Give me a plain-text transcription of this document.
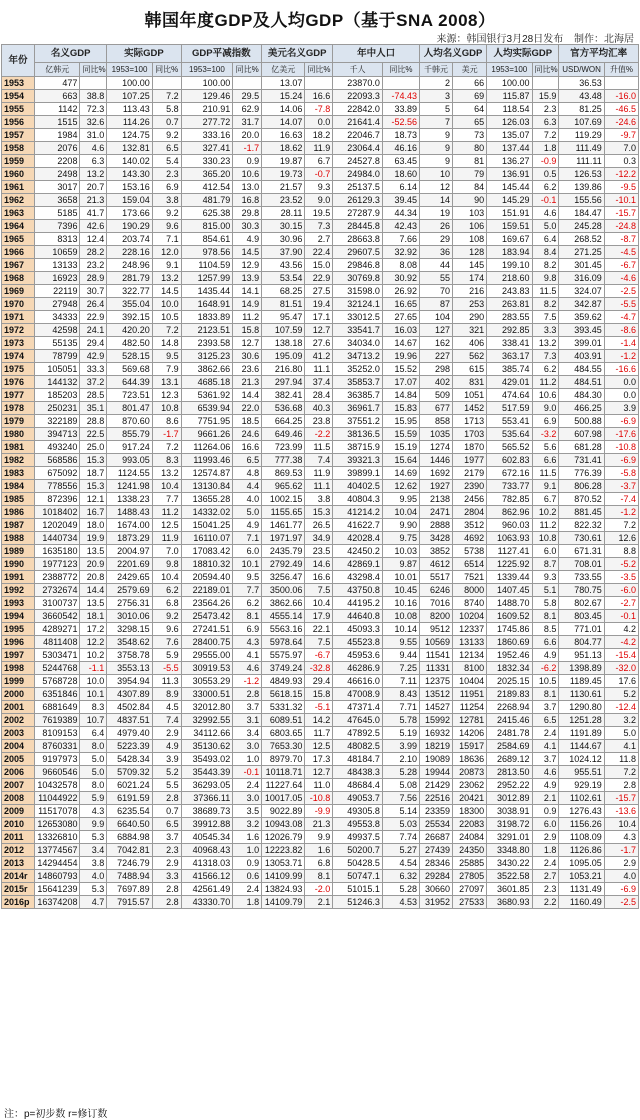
韩国年度GDP及人均GDP（基于SNA 2008）
来源：韩国银行3月28日发布 制作：北海居
年份	名义GDP		实际GDP		GDP平减指数		美元名义GDP		年中人口		人均名义GDP		人均实际GDP		官方平均汇率	
	亿韩元	同比%	1953=100	同比%	1953=100	同比%	亿美元	同比%	千人	同比%	千韩元	美元	1953=100	同比%	USD/WON	升值%
1953	477		100.00		100.00		13.07		23870.0		2	66	100.00		36.53	
1954	663	38.8	107.25	7.2	129.46	29.5	15.24	16.6	22093.3	-74.43	3	69	115.87	15.9	43.48	-16.0
1955	1142	72.3	113.43	5.8	210.91	62.9	14.06	-7.8	22842.0	33.89	5	64	118.54	2.3	81.25	-46.5
1956	1515	32.6	114.26	0.7	277.72	31.7	14.07	0.0	21641.4	-52.56	7	65	126.03	6.3	107.69	-24.6
1957	1984	31.0	124.75	9.2	333.16	20.0	16.63	18.2	22046.7	18.73	9	73	135.07	7.2	119.29	-9.7
1958	2076	4.6	132.81	6.5	327.41	-1.7	18.62	11.9	23064.4	46.16	9	80	137.44	1.8	111.49	7.0
1959	2208	6.3	140.02	5.4	330.23	0.9	19.87	6.7	24527.8	63.45	9	81	136.27	-0.9	111.11	0.3
1960	2498	13.2	143.30	2.3	365.20	10.6	19.73	-0.7	24984.0	18.60	10	79	136.91	0.5	126.53	-12.2
1961	3017	20.7	153.16	6.9	412.54	13.0	21.57	9.3	25137.5	6.14	12	84	145.44	6.2	139.86	-9.5
1962	3658	21.3	159.04	3.8	481.79	16.8	23.52	9.0	26129.3	39.45	14	90	145.29	-0.1	155.56	-10.1
1963	5185	41.7	173.66	9.2	625.38	29.8	28.11	19.5	27287.9	44.34	19	103	151.91	4.6	184.47	-15.7
1964	7396	42.6	190.29	9.6	815.00	30.3	30.15	7.3	28445.8	42.43	26	106	159.51	5.0	245.28	-24.8
1965	8313	12.4	203.74	7.1	854.61	4.9	30.96	2.7	28663.8	7.66	29	108	169.67	6.4	268.52	-8.7
1966	10659	28.2	228.16	12.0	978.56	14.5	37.90	22.4	29607.5	32.92	36	128	183.94	8.4	271.25	-4.5
1967	13133	23.2	248.96	9.1	1104.59	12.9	43.56	15.0	29846.8	8.08	44	145	199.10	8.2	301.45	-6.7
1968	16923	28.9	281.79	13.2	1257.99	13.9	53.54	22.9	30769.8	30.92	55	174	218.60	9.8	316.09	-4.6
1969	22119	30.7	322.77	14.5	1435.44	14.1	68.25	27.5	31598.0	26.92	70	216	243.83	11.5	324.07	-2.5
1970	27948	26.4	355.04	10.0	1648.91	14.9	81.51	19.4	32124.1	16.65	87	253	263.81	8.2	342.87	-5.5
1971	34333	22.9	392.15	10.5	1833.89	11.2	95.47	17.1	33012.5	27.65	104	290	283.55	7.5	359.62	-4.7
1972	42598	24.1	420.20	7.2	2123.51	15.8	107.59	12.7	33541.7	16.03	127	321	292.85	3.3	393.45	-8.6
1973	55135	29.4	482.50	14.8	2393.58	12.7	138.18	27.6	34034.0	14.67	162	406	338.41	13.2	399.01	-1.4
1974	78799	42.9	528.15	9.5	3125.23	30.6	195.09	41.2	34713.2	19.96	227	562	363.17	7.3	403.91	-1.2
1975	105051	33.3	569.68	7.9	3862.66	23.6	216.80	11.1	35252.0	15.52	298	615	385.74	6.2	484.55	-16.6
1976	144132	37.2	644.39	13.1	4685.18	21.3	297.94	37.4	35853.7	17.07	402	831	429.01	11.2	484.51	0.0
1977	185203	28.5	723.51	12.3	5361.92	14.4	382.41	28.4	36385.7	14.84	509	1051	474.64	10.6	484.30	0.0
1978	250231	35.1	801.47	10.8	6539.94	22.0	536.68	40.3	36961.7	15.83	677	1452	517.59	9.0	466.25	3.9
1979	322189	28.8	870.60	8.6	7751.95	18.5	664.25	23.8	37551.2	15.95	858	1713	553.41	6.9	500.88	-6.9
1980	394713	22.5	855.79	-1.7	9661.26	24.6	649.46	-2.2	38136.5	15.59	1035	1703	535.64	-3.2	607.98	-17.6
1981	493240	25.0	917.24	7.2	11264.06	16.6	723.99	11.5	38715.9	15.19	1274	1870	565.52	5.6	681.28	-10.8
1982	568586	15.3	993.05	8.3	11993.46	6.5	777.38	7.4	39321.3	15.64	1446	1977	602.83	6.6	731.41	-6.9
1983	675092	18.7	1124.55	13.2	12574.87	4.8	869.53	11.9	39899.1	14.69	1692	2179	672.16	11.5	776.39	-5.8
1984	778556	15.3	1241.98	10.4	13130.84	4.4	965.62	11.1	40402.5	12.62	1927	2390	733.77	9.1	806.28	-3.7
1985	872396	12.1	1338.23	7.7	13655.28	4.0	1002.15	3.8	40804.3	9.95	2138	2456	782.85	6.7	870.52	-7.4
1986	1018402	16.7	1488.43	11.2	14332.02	5.0	1155.65	15.3	41214.2	10.04	2471	2804	862.96	10.2	881.45	-1.2
1987	1202049	18.0	1674.00	12.5	15041.25	4.9	1461.77	26.5	41622.7	9.90	2888	3512	960.03	11.2	822.32	7.2
1988	1440734	19.9	1873.29	11.9	16110.07	7.1	1971.97	34.9	42028.4	9.75	3428	4692	1063.93	10.8	730.61	12.6
1989	1635180	13.5	2004.97	7.0	17083.42	6.0	2435.79	23.5	42450.2	10.03	3852	5738	1127.41	6.0	671.31	8.8
1990	1977123	20.9	2201.69	9.8	18810.32	10.1	2792.49	14.6	42869.1	9.87	4612	6514	1225.92	8.7	708.01	-5.2
1991	2388772	20.8	2429.65	10.4	20594.40	9.5	3256.47	16.6	43298.4	10.01	5517	7521	1339.44	9.3	733.55	-3.5
1992	2732674	14.4	2579.69	6.2	22189.01	7.7	3500.06	7.5	43750.8	10.45	6246	8000	1407.45	5.1	780.75	-6.0
1993	3100737	13.5	2756.31	6.8	23564.26	6.2	3862.66	10.4	44195.2	10.16	7016	8740	1488.70	5.8	802.67	-2.7
1994	3660542	18.1	3010.06	9.2	25473.42	8.1	4555.14	17.9	44640.8	10.08	8200	10204	1609.52	8.1	803.45	-0.1
1995	4289271	17.2	3298.15	9.6	27241.51	6.9	5563.16	22.1	45093.3	10.14	9512	12337	1745.86	8.5	771.01	4.2
1996	4811408	12.2	3548.62	7.6	28400.75	4.3	5978.64	7.5	45523.8	9.55	10569	13133	1860.69	6.6	804.77	-4.2
1997	5303471	10.2	3758.78	5.9	29555.00	4.1	5575.97	-6.7	45953.6	9.44	11541	12134	1952.46	4.9	951.13	-15.4
1998	5244768	-1.1	3553.13	-5.5	30919.53	4.6	3749.24	-32.8	46286.9	7.25	11331	8100	1832.34	-6.2	1398.89	-32.0
1999	5768728	10.0	3954.94	11.3	30553.29	-1.2	4849.93	29.4	46616.0	7.11	12375	10404	2025.15	10.5	1189.45	17.6
2000	6351846	10.1	4307.89	8.9	33000.51	2.8	5618.15	15.8	47008.9	8.43	13512	11951	2189.83	8.1	1130.61	5.2
2001	6881649	8.3	4502.84	4.5	32012.80	3.7	5331.32	-5.1	47371.4	7.71	14527	11254	2268.94	3.7	1290.80	-12.4
2002	7619389	10.7	4837.51	7.4	32992.55	3.1	6089.51	14.2	47645.0	5.78	15992	12781	2415.46	6.5	1251.28	3.2
2003	8109153	6.4	4979.40	2.9	34112.66	3.4	6803.65	11.7	47892.5	5.19	16932	14206	2481.78	2.4	1191.89	5.0
2004	8760331	8.0	5223.39	4.9	35130.62	3.0	7653.30	12.5	48082.5	3.99	18219	15917	2584.69	4.1	1144.67	4.1
2005	9197973	5.0	5428.34	3.9	35493.02	1.0	8979.70	17.3	48184.7	2.10	19089	18636	2689.12	3.7	1024.12	11.8
2006	9660546	5.0	5709.32	5.2	35443.39	-0.1	10118.71	12.7	48438.3	5.28	19944	20873	2813.50	4.6	955.51	7.2
2007	10432578	8.0	6021.24	5.5	36293.05	2.4	11227.64	11.0	48684.4	5.08	21429	23062	2952.22	4.9	929.19	2.8
2008	11044922	5.9	6191.59	2.8	37366.11	3.0	10017.05	-10.8	49053.7	7.56	22516	20421	3012.89	2.1	1102.61	-15.7
2009	11517078	4.3	6235.54	0.7	38689.73	3.5	9022.89	-9.9	49305.8	5.14	23359	18300	3038.91	0.9	1276.43	-13.6
2010	12653080	9.9	6640.50	6.5	39912.88	3.2	10943.08	21.3	49553.8	5.03	25534	22083	3198.72	6.0	1156.26	10.4
2011	13326810	5.3	6884.98	3.7	40545.34	1.6	12026.79	9.9	49937.5	7.74	26687	24084	3291.01	2.9	1108.09	4.3
2012	13774567	3.4	7042.81	2.3	40968.43	1.0	12223.82	1.6	50200.7	5.27	27439	24350	3348.80	1.8	1126.86	-1.7
2013	14294454	3.8	7246.79	2.9	41318.03	0.9	13053.71	6.8	50428.5	4.54	28346	25885	3430.22	2.4	1095.05	2.9
2014r	14860793	4.0	7488.94	3.3	41566.12	0.6	14109.99	8.1	50747.1	6.32	29284	27805	3522.58	2.7	1053.21	4.0
2015r	15641239	5.3	7697.89	2.8	42561.49	2.4	13824.93	-2.0	51015.1	5.28	30660	27097	3601.85	2.3	1131.49	-6.9
2016p	16374208	4.7	7915.57	2.8	43330.70	1.8	14109.79	2.1	51246.3	4.53	31952	27533	3680.93	2.2	1160.49	-2.5
注：p=初步数 r=修订数
